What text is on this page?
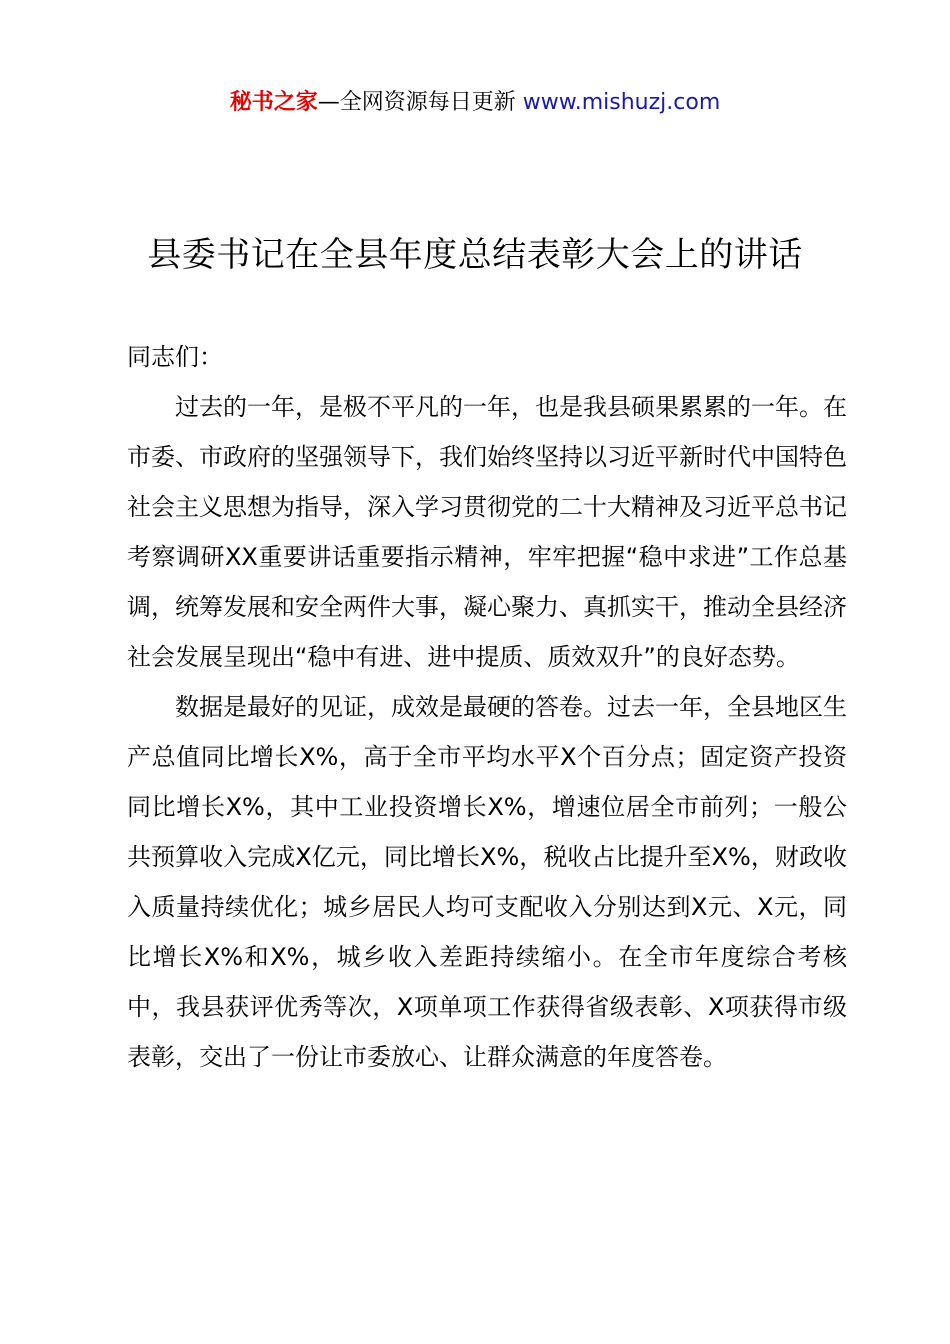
秘书之家—全网资源每日更新 www.mishuzj.com
县委书记在全县年度总结表彰大会上的讲话

同志们：

过去的一年，是极不平凡的一年，也是我县硕果累累的一年。在市委、市政府的坚强领导下，我们始终坚持以习近平新时代中国特色社会主义思想为指导，深入学习贯彻党的二十大精神及习近平总书记考察调研XX重要讲话重要指示精神，牢牢把握“稳中求进”工作总基调，统筹发展和安全两件大事，凝心聚力、真抓实干，推动全县经济社会发展呈现出“稳中有进、进中提质、质效双升”的良好态势。

数据是最好的见证，成效是最硬的答卷。过去一年，全县地区生产总值同比增长X%，高于全市平均水平X个百分点；固定资产投资同比增长X%，其中工业投资增长X%，增速位居全市前列；一般公共预算收入完成X亿元，同比增长X%，税收占比提升至X%，财政收入质量持续优化；城乡居民人均可支配收入分别达到X元、X元，同比增长X%和X%，城乡收入差距持续缩小。在全市年度综合考核中，我县获评优秀等次，X项单项工作获得省级表彰、X项获得市级表彰，交出了一份让市委放心、让群众满意的年度答卷。
